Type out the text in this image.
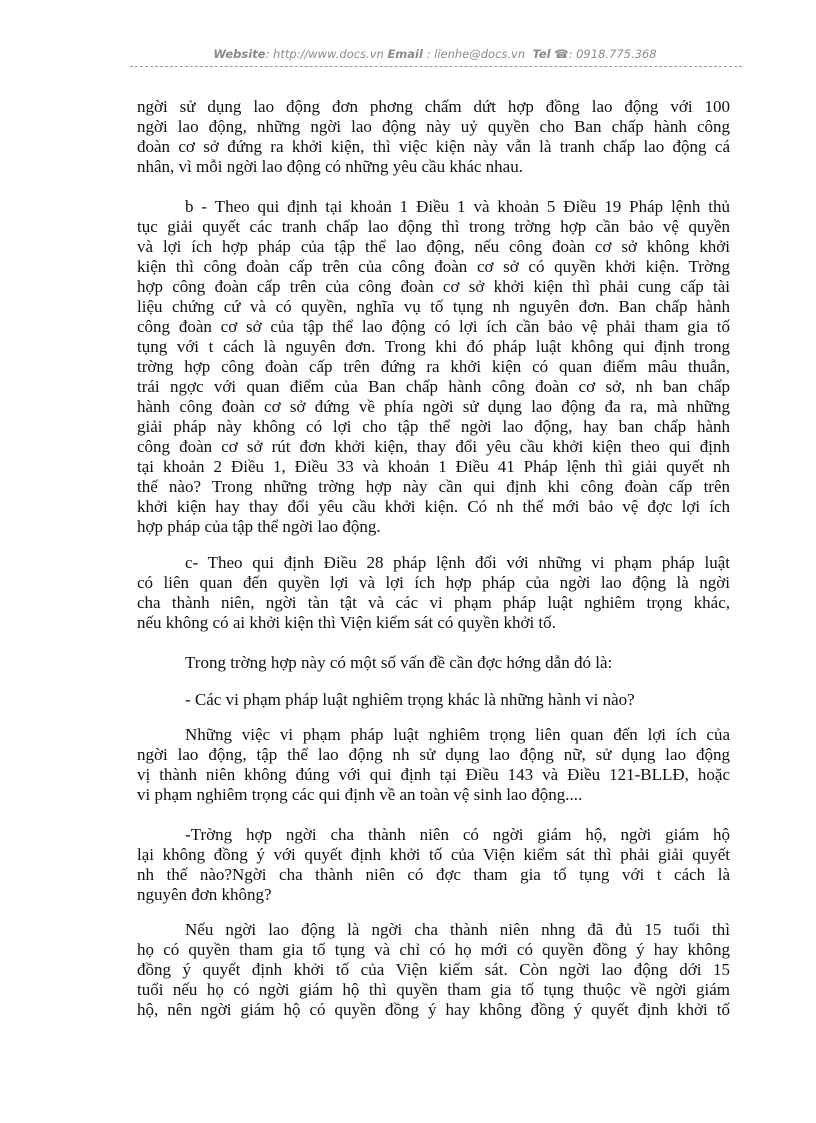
Website: http://www.docs.vn Email : lienhe@docs.vn Tel ☎: 0918.775.368
ngời sử dụng lao động đơn phơng chấm dứt hợp đồng lao động với 100
ngời lao động, những ngời lao động này uỷ quyền cho Ban chấp hành công
đoàn cơ sở đứng ra khởi kiện, thì việc kiện này vẫn là tranh chấp lao động cá
nhân, vì mỗi ngời lao động có những yêu cầu khác nhau.
b - Theo qui định tại khoản 1 Điều 1 và khoản 5 Điều 19 Pháp lệnh thủ
tục giải quyết các tranh chấp lao động thì trong trờng hợp cần bảo vệ quyền
và lợi ích hợp pháp của tập thể lao động, nếu công đoàn cơ sở không khởi
kiện thì công đoàn cấp trên của công đoàn cơ sở có quyền khởi kiện. Trờng
hợp công đoàn cấp trên của công đoàn cơ sở khởi kiện thì phải cung cấp tài
liệu chứng cứ và có quyền, nghĩa vụ tố tụng nh nguyên đơn. Ban chấp hành
công đoàn cơ sở của tập thể lao động có lợi ích cần bảo vệ phải tham gia tố
tụng với t cách là nguyên đơn. Trong khi đó pháp luật không qui định trong
trờng hợp công đoàn cấp trên đứng ra khởi kiện có quan điểm mâu thuẫn,
trái ngợc với quan điểm của Ban chấp hành công đoàn cơ sở, nh ban chấp
hành công đoàn cơ sở đứng về phía ngời sử dụng lao động đa ra, mà những
giải pháp này không có lợi cho tập thể ngời lao động, hay ban chấp hành
công đoàn cơ sở rút đơn khởi kiện, thay đổi yêu cầu khởi kiện theo qui định
tại khoản 2 Điều 1, Điều 33 và khoản 1 Điều 41 Pháp lệnh thì giải quyết nh
thế nào? Trong những trờng hợp này cần qui định khi công đoàn cấp trên
khởi kiện hay thay đổi yêu cầu khởi kiện. Có nh thế mới bảo vệ đợc lợi ích
hợp pháp của tập thể ngời lao động.
c- Theo qui định Điều 28 pháp lệnh đối với những vi phạm pháp luật
có liên quan đến quyền lợi và lợi ích hợp pháp của ngời lao động là ngời
cha thành niên, ngời tàn tật và các vi phạm pháp luật nghiêm trọng khác,
nếu không có ai khởi kiện thì Viện kiểm sát có quyền khởi tố.
Trong trờng hợp này có một số vấn đề cần đợc hớng dẫn đó là:
- Các vi phạm pháp luật nghiêm trọng khác là những hành vi nào?
Những việc vi phạm pháp luật nghiêm trọng liên quan đến lợi ích của
ngời lao động, tập thể lao động nh sử dụng lao động nữ, sử dụng lao động
vị thành niên không đúng với qui định tại Điều 143 và Điều 121-BLLĐ, hoặc
vi phạm nghiêm trọng các qui định về an toàn vệ sinh lao động....
-Trờng hợp ngời cha thành niên có ngời giám hộ, ngời giám hộ
lại không đồng ý với quyết định khởi tố của Viện kiểm sát thì phải giải quyết
nh thế nào?Ngời cha thành niên có đợc tham gia tố tụng với t cách là
nguyên đơn không?
Nếu ngời lao động là ngời cha thành niên nhng đã đủ 15 tuổi thì
họ có quyền tham gia tố tụng và chỉ có họ mới có quyền đồng ý hay không
đồng ý quyết định khởi tố của Viện kiểm sát. Còn ngời lao động dới 15
tuổi nếu họ có ngời giám hộ thì quyền tham gia tố tụng thuộc về ngời giám
hộ, nên ngời giám hộ có quyền đồng ý hay không đồng ý quyết định khởi tố
